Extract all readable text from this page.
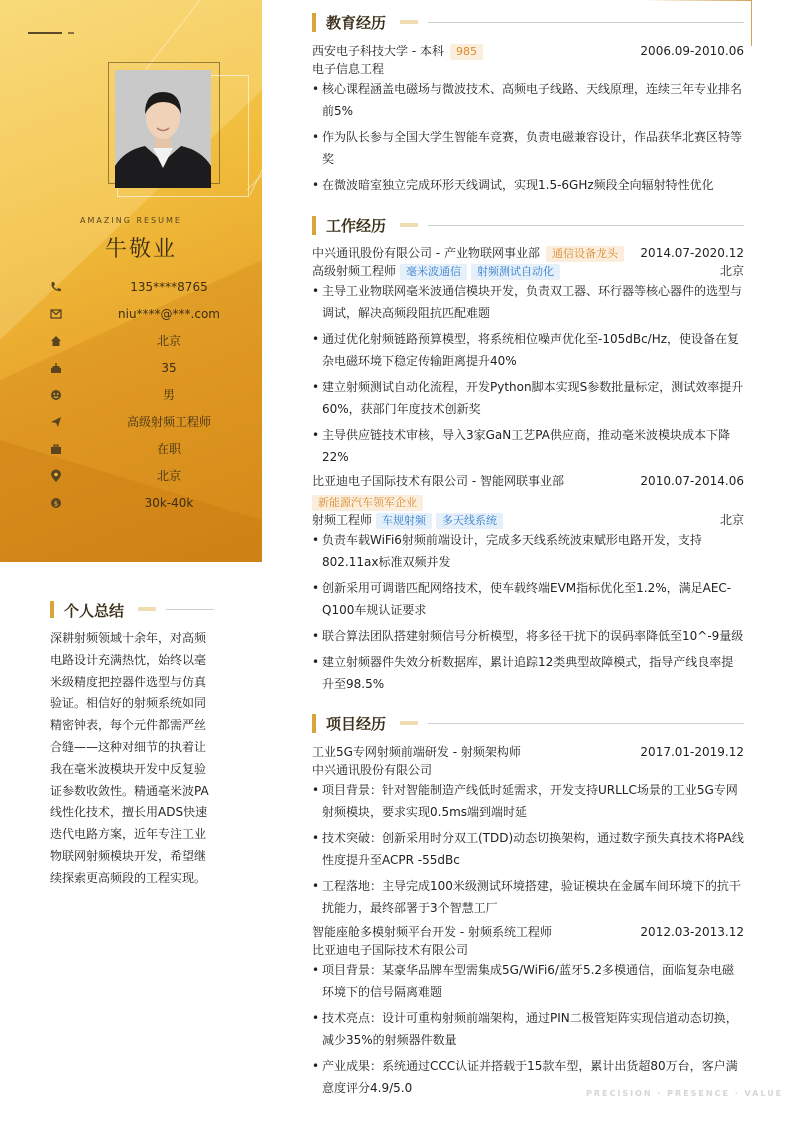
AMAZING RESUME
牛敬业
135****8765
niu****@***.com
北京
35
男
高级射频工程师
在职
北京
$	30k-40k
个人总结
深耕射频领域十余年，对高频电路设计充满热忱，始终以毫米级精度把控器件选型与仿真验证。相信好的射频系统如同精密钟表，每个元件都需严丝合缝——这种对细节的执着让我在毫米波模块开发中反复验证参数收敛性。精通毫米波PA线性化技术，擅长用ADS快速迭代电路方案，近年专注工业物联网射频模块开发，希望继续探索更高频段的工程实现。
教育经历
西安电子科技大学 - 本科 985	2006.09-2010.06
电子信息工程
• 核心课程涵盖电磁场与微波技术、高频电子线路、天线原理，连续三年专业排名前5%
• 作为队长参与全国大学生智能车竞赛，负责电磁兼容设计，作品获华北赛区特等奖
• 在微波暗室独立完成环形天线调试，实现1.5-6GHz频段全向辐射特性优化
工作经历
中兴通讯股份有限公司 - 产业物联网事业部 通信设备龙头 2014.07-2020.12
高级射频工程师 毫米波通信 射频测试自动化	北京
• 主导工业物联网毫米波通信模块开发，负责双工器、环行器等核心器件的选型与调试，解决高频段阻抗匹配难题
• 通过优化射频链路预算模型，将系统相位噪声优化至-105dBc/Hz，使设备在复杂电磁环境下稳定传输距离提升40%
• 建立射频测试自动化流程，开发Python脚本实现S参数批量标定，测试效率提升60%，获部门年度技术创新奖
• 主导供应链技术审核，导入3家GaN工艺PA供应商，推动毫米波模块成本下降22%
比亚迪电子国际技术有限公司 - 智能网联事业部	2010.07-2014.06
新能源汽车领军企业
射频工程师 车规射频 多天线系统	北京
• 负责车载WiFi6射频前端设计，完成多天线系统波束赋形电路开发，支持802.11ax标准双频并发
• 创新采用可调谐匹配网络技术，使车载终端EVM指标优化至1.2%，满足AEC-Q100车规认证要求
• 联合算法团队搭建射频信号分析模型，将多径干扰下的误码率降低至10^-9量级
• 建立射频器件失效分析数据库，累计追踪12类典型故障模式，指导产线良率提升至98.5%
项目经历
工业5G专网射频前端研发 - 射频架构师	2017.01-2019.12
中兴通讯股份有限公司
• 项目背景：针对智能制造产线低时延需求，开发支持URLLC场景的工业5G专网射频模块，要求实现0.5ms端到端时延
• 技术突破：创新采用时分双工(TDD)动态切换架构，通过数字预失真技术将PA线性度提升至ACPR -55dBc
• 工程落地：主导完成100米级测试环境搭建，验证模块在金属车间环境下的抗干扰能力，最终部署于3个智慧工厂
智能座舱多模射频平台开发 - 射频系统工程师	2012.03-2013.12
比亚迪电子国际技术有限公司
• 项目背景：某豪华品牌车型需集成5G/WiFi6/蓝牙5.2多模通信，面临复杂电磁环境下的信号隔离难题
• 技术亮点：设计可重构射频前端架构，通过PIN二极管矩阵实现信道动态切换，减少35%的射频器件数量
• 产业成果：系统通过CCC认证并搭载于15款车型，累计出货超80万台，客户满意度评分4.9/5.0	PRECISION · PRESENCE · VALUE
